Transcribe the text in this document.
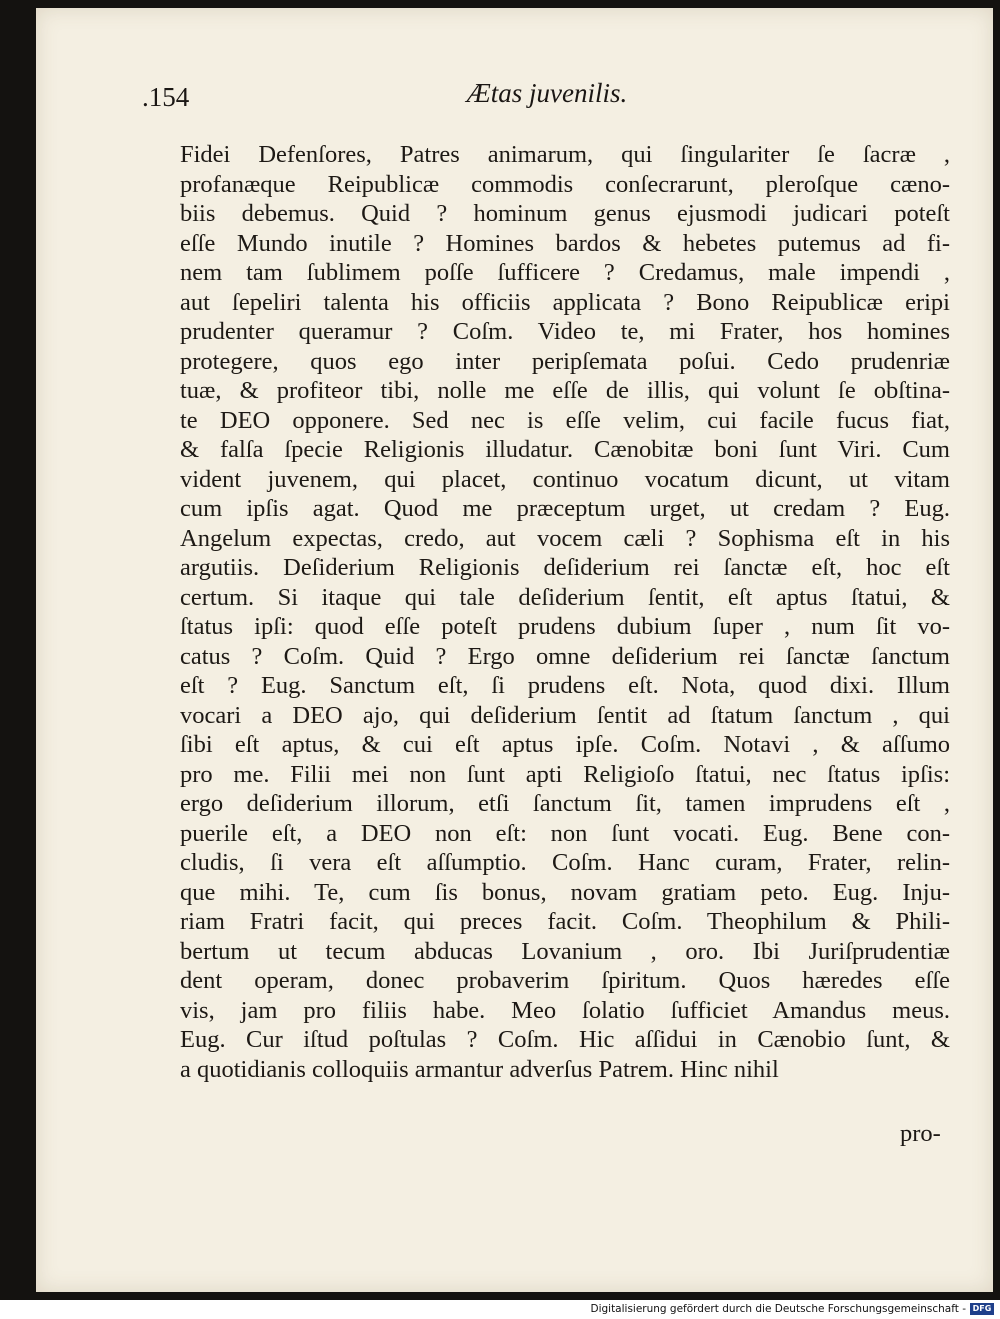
.154	Ætas juvenilis.
Fidei Defenſores, Patres animarum, qui ſingulariter ſe ſacræ ,
profanæque Reipublicæ commodis conſecrarunt, pleroſque cæno-
biis debemus. Quid ? hominum genus ejusmodi judicari poteſt
eſſe Mundo inutile ? Homines bardos & hebetes putemus ad fi-
nem tam ſublimem poſſe ſufficere ? Credamus, male impendi ,
aut ſepeliri talenta his officiis applicata ? Bono Reipublicæ eripi
prudenter queramur ? Coſm. Video te, mi Frater, hos homines
protegere, quos ego inter peripſemata poſui. Cedo prudenriæ
tuæ, & profiteor tibi, nolle me eſſe de illis, qui volunt ſe obſtina-
te DEO opponere. Sed nec is eſſe velim, cui facile fucus fiat,
& falſa ſpecie Religionis illudatur. Cænobitæ boni ſunt Viri. Cum
vident juvenem, qui placet, continuo vocatum dicunt, ut vitam
cum ipſis agat. Quod me præceptum urget, ut credam ? Eug.
Angelum expectas, credo, aut vocem cæli ? Sophisma eſt in his
argutiis. Deſiderium Religionis deſiderium rei ſanctæ eſt, hoc eſt
certum. Si itaque qui tale deſiderium ſentit, eſt aptus ſtatui, &
ſtatus ipſi: quod eſſe poteſt prudens dubium ſuper , num ſit vo-
catus ? Coſm. Quid ? Ergo omne deſiderium rei ſanctæ ſanctum
eſt ? Eug. Sanctum eſt, ſi prudens eſt. Nota, quod dixi. Illum
vocari a DEO ajo, qui deſiderium ſentit ad ſtatum ſanctum , qui
ſibi eſt aptus, & cui eſt aptus ipſe. Coſm. Notavi , & aſſumo
pro me. Filii mei non ſunt apti Religioſo ſtatui, nec ſtatus ipſis:
ergo deſiderium illorum, etſi ſanctum ſit, tamen imprudens eſt ,
puerile eſt, a DEO non eſt: non ſunt vocati. Eug. Bene con-
cludis, ſi vera eſt aſſumptio. Coſm. Hanc curam, Frater, relin-
que mihi. Te, cum ſis bonus, novam gratiam peto. Eug. Inju-
riam Fratri facit, qui preces facit. Coſm. Theophilum & Phili-
bertum ut tecum abducas Lovanium , oro. Ibi Juriſprudentiæ
dent operam, donec probaverim ſpiritum. Quos hæredes eſſe
vis, jam pro filiis habe. Meo ſolatio ſufficiet Amandus meus.
Eug. Cur iſtud poſtulas ? Coſm. Hic aſſidui in Cænobio ſunt, &
a quotidianis colloquiis armantur adverſus Patrem. Hinc nihil
pro-
Digitalisierung gefördert durch die Deutsche Forschungsgemeinschaft - DFG
